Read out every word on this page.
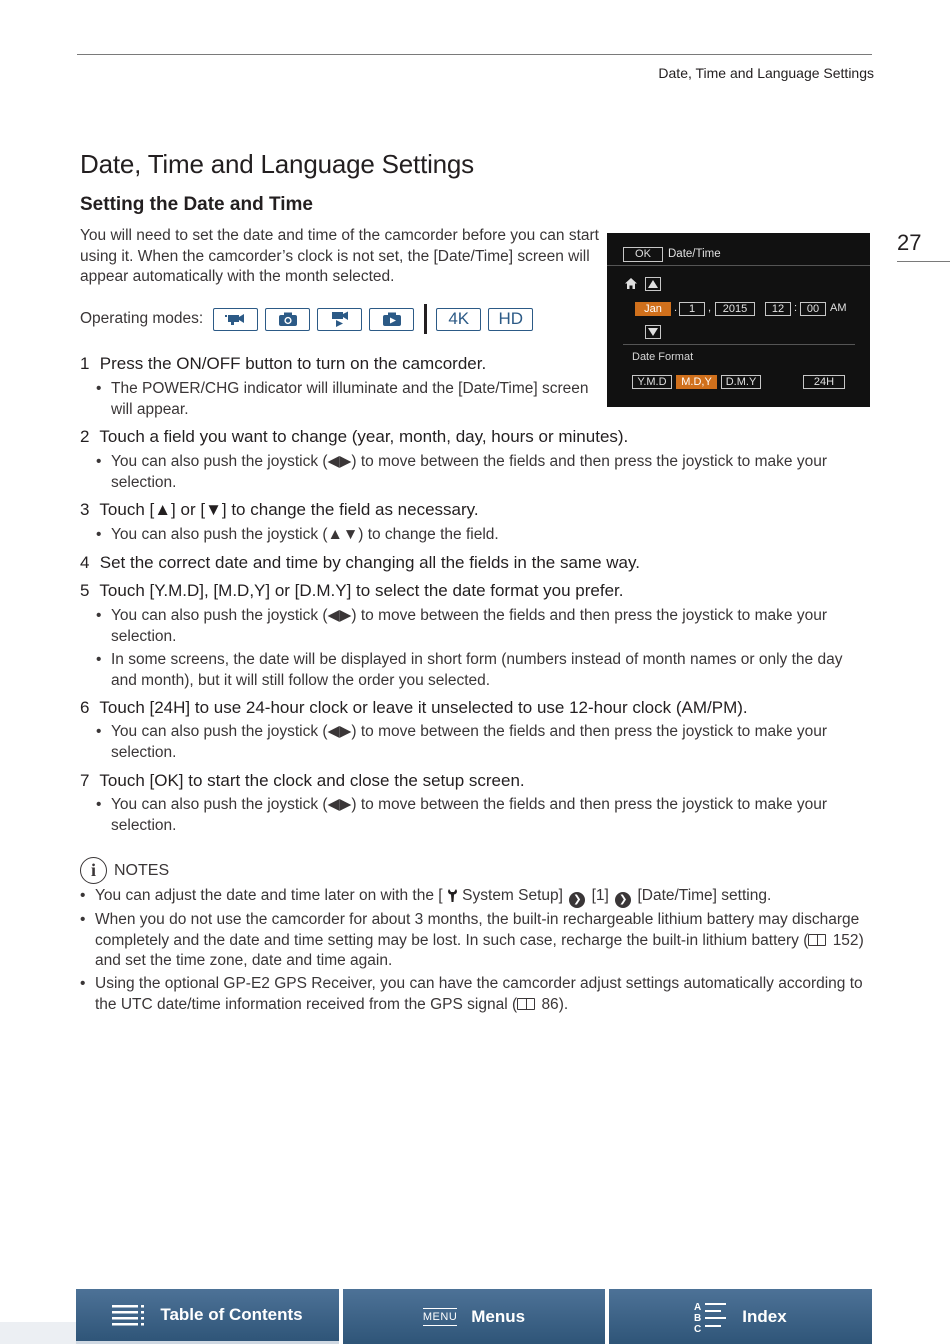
Date, Time and Language Settings
27
Date, Time and Language Settings
Setting the Date and Time

You will need to set the date and time of the camcorder before you can start using it. When the camcorder’s clock is not set, the [Date/Time] screen will appear automatically with the month selected.

Operating modes:	4K HD
OK	Date/Time
Jan	.	1	,	2015	12 : 00 AM
Date Format
Y.M.D	M.D,Y	D.M.Y	24H
1 Press the ON/OFF button to turn on the camcorder.
• The POWER/CHG indicator will illuminate and the [Date/Time] screen will appear.
2 Touch a field you want to change (year, month, day, hours or minutes).
• You can also push the joystick (◀▶) to move between the fields and then press the joystick to make your selection.
3 Touch [▲] or [▼] to change the field as necessary.
• You can also push the joystick (▲▼) to change the field.
4 Set the correct date and time by changing all the fields in the same way.
5 Touch [Y.M.D], [M.D,Y] or [D.M.Y] to select the date format you prefer.
• You can also push the joystick (◀▶) to move between the fields and then press the joystick to make your selection.
• In some screens, the date will be displayed in short form (numbers instead of month names or only the day and month), but it will still follow the order you selected.
6 Touch [24H] to use 24-hour clock or leave it unselected to use 12-hour clock (AM/PM).
• You can also push the joystick (◀▶) to move between the fields and then press the joystick to make your selection.
7 Touch [OK] to start the clock and close the setup screen.
• You can also push the joystick (◀▶) to move between the fields and then press the joystick to make your selection.
i	NOTES
• You can adjust the date and time later on with the [  System Setup] ❯ [1] ❯ [Date/Time] setting.
• When you do not use the camcorder for about 3 months, the built-in rechargeable lithium battery may discharge completely and the date and time setting may be lost. In such case, recharge the built-in lithium battery ( 152) and set the time zone, date and time again.
• Using the optional GP-E2 GPS Receiver, you can have the camcorder adjust settings automatically according to the UTC date/time information received from the GPS signal ( 86).
Table of Contents	MENU Menus	A
B
C
Index
